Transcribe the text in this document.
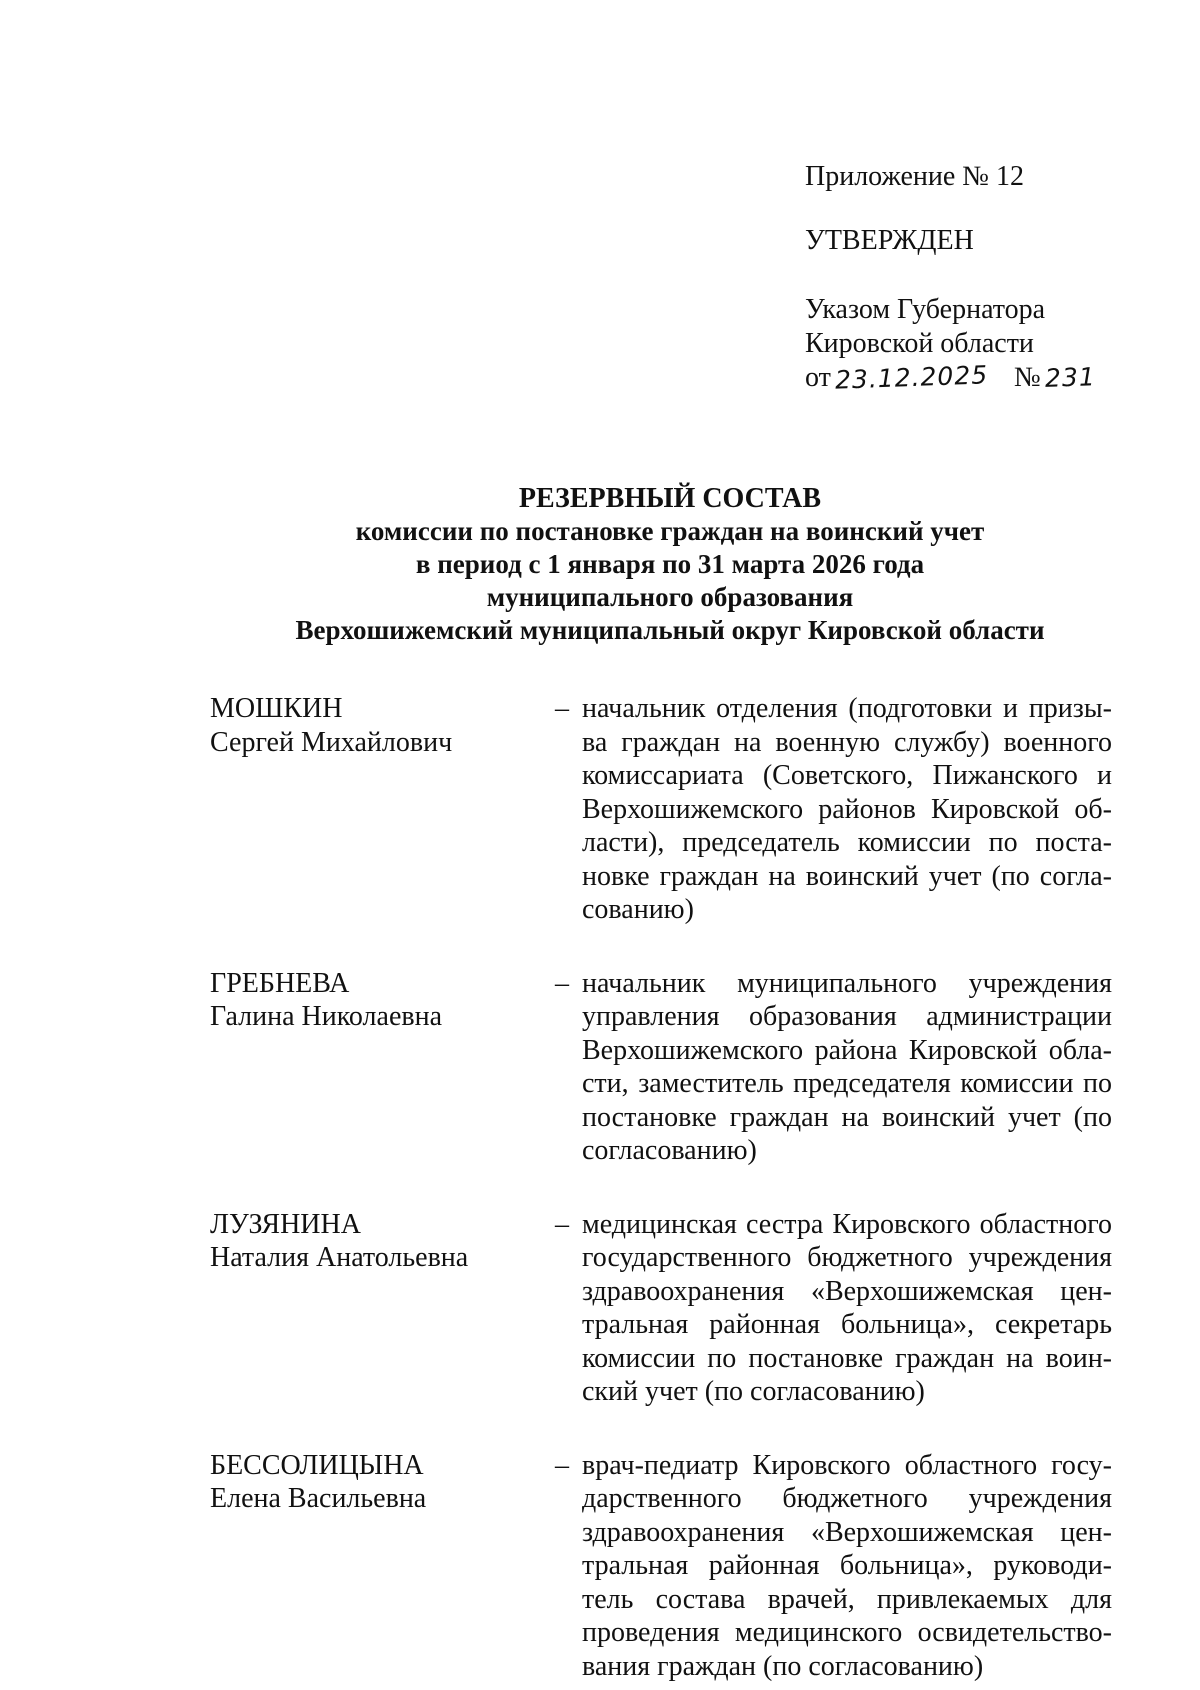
Приложение № 12
УТВЕРЖДЕН
Указом Губернатора
Кировской области
от 23.12.2025 № 231
РЕЗЕРВНЫЙ СОСТАВ
комиссии по постановке граждан на воинский учет
в период с 1 января по 31 марта 2026 года
муниципального образования
Верхошижемский муниципальный округ Кировской области
МОШКИН
Сергей Михайлович
– начальник отделения (подготовки и призы-
ва граждан на военную службу) военного
комиссариата (Советского, Пижанского и
Верхошижемского районов Кировской об-
ласти), председатель комиссии по поста-
новке граждан на воинский учет (по согла-
сованию)
ГРЕБНЕВА
Галина Николаевна
– начальник муниципального учреждения
управления образования администрации
Верхошижемского района Кировской обла-
сти, заместитель председателя комиссии по
постановке граждан на воинский учет (по
согласованию)
ЛУЗЯНИНА
Наталия Анатольевна
– медицинская сестра Кировского областного
государственного бюджетного учреждения
здравоохранения «Верхошижемская цен-
тральная районная больница», секретарь
комиссии по постановке граждан на воин-
ский учет (по согласованию)
БЕССОЛИЦЫНА
Елена Васильевна
– врач-педиатр Кировского областного госу-
дарственного бюджетного учреждения
здравоохранения «Верхошижемская цен-
тральная районная больница», руководи-
тель состава врачей, привлекаемых для
проведения медицинского освидетельство-
вания граждан (по согласованию)
